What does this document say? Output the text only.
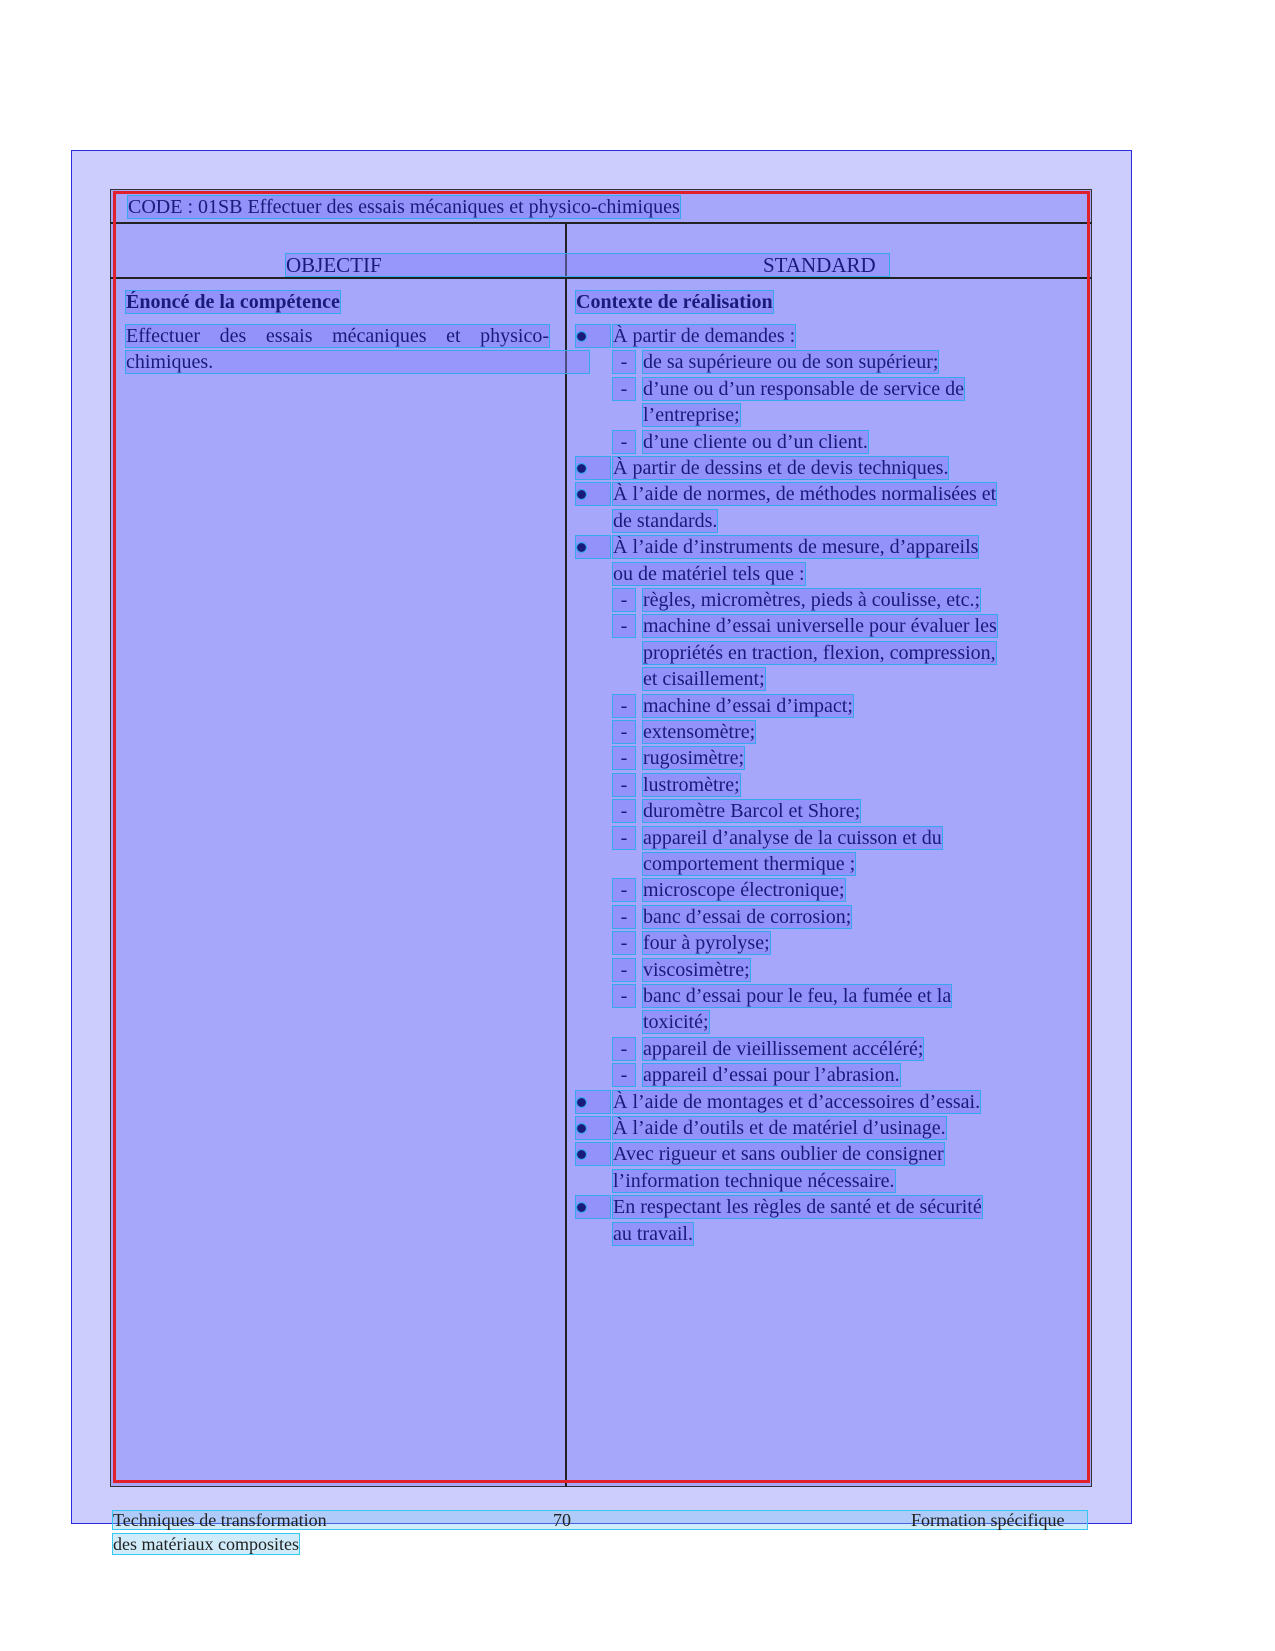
CODE : 01SB Effectuer des essais mécaniques et physico-chimiques
OBJECTIF	STANDARD
Énoncé de la compétence
Effectuer des essais mécaniques et physico-
chimiques.
Contexte de réalisation
À partir de demandes :
- de sa supérieure ou de son supérieur;
- d’une ou d’un responsable de service de
l’entreprise;
- d’une cliente ou d’un client.
À partir de dessins et de devis techniques.
À l’aide de normes, de méthodes normalisées et
de standards.
À l’aide d’instruments de mesure, d’appareils
ou de matériel tels que :
- règles, micromètres, pieds à coulisse, etc.;
- machine d’essai universelle pour évaluer les
propriétés en traction, flexion, compression,
et cisaillement;
- machine d’essai d’impact;
- extensomètre;
- rugosimètre;
- lustromètre;
- duromètre Barcol et Shore;
- appareil d’analyse de la cuisson et du
comportement thermique ;
- microscope électronique;
- banc d’essai de corrosion;
- four à pyrolyse;
- viscosimètre;
- banc d’essai pour le feu, la fumée et la
toxicité;
- appareil de vieillissement accéléré;
- appareil d’essai pour l’abrasion.
À l’aide de montages et d’accessoires d’essai.
À l’aide d’outils et de matériel d’usinage.
Avec rigueur et sans oublier de consigner
l’information technique nécessaire.
En respectant les règles de santé et de sécurité
au travail.
Techniques de transformation
des matériaux composites
70	Formation spécifique
